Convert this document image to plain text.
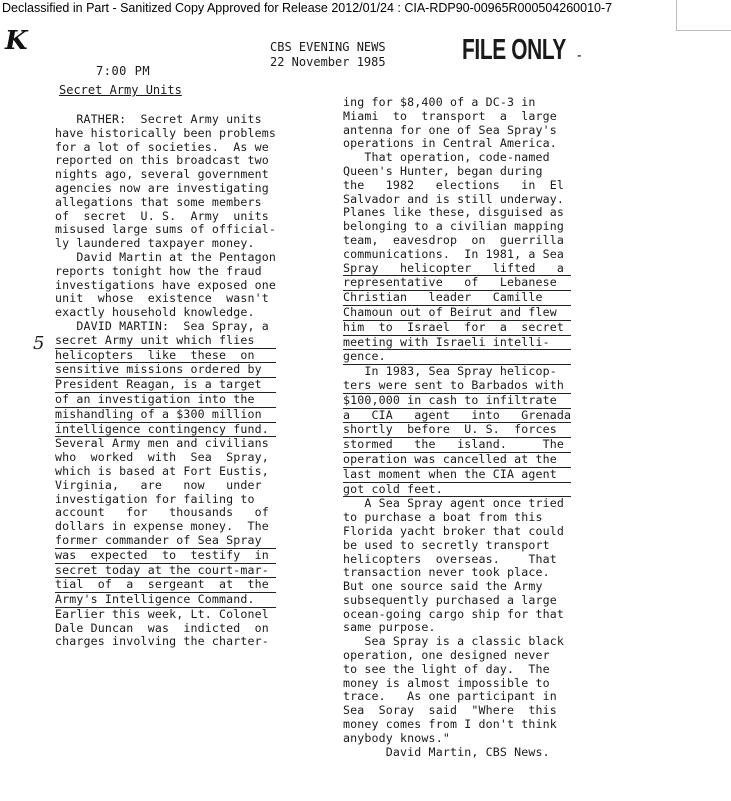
Declassified in Part - Sanitized Copy Approved for Release 2012/01/24 : CIA-RDP90-00965R000504260010-7
K
7:00 PM
CBS EVENING NEWS
22 November 1985	FILE ONLY -
Secret Army Units
5

RATHER:  Secret Army units

have historically been problems

for a lot of societies.  As we

reported on this broadcast two

nights ago, several government

agencies now are investigating

allegations that some members

of  secret  U. S.  Army  units

misused large sums of official-

ly laundered taxpayer money.

David Martin at the Pentagon

reports tonight how the fraud

investigations have exposed one

unit  whose  existence  wasn't

exactly household knowledge.

DAVID MARTIN:  Sea Spray, a

secret Army unit which flies

helicopters  like  these  on

sensitive missions ordered by

President Reagan, is a target

of an investigation into the

mishandling of a $300 million

intelligence contingency fund.

Several Army men and civilians

who  worked  with  Sea  Spray,

which is based at Fort Eustis,

Virginia,   are   now   under

investigation for failing to

account   for   thousands   of

dollars in expense money.  The

former commander of Sea Spray

was  expected  to  testify  in

secret today at the court-mar-

tial  of  a  sergeant  at  the

Army's Intelligence Command.

Earlier this week, Lt. Colonel

Dale Duncan  was  indicted  on

charges involving the charter-

ing for $8,400 of a DC-3 in

Miami  to  transport  a  large

antenna for one of Sea Spray's

operations in Central America.

That operation, code-named

Queen's Hunter, began during

the   1982   elections   in  El

Salvador and is still underway.

Planes like these, disguised as

belonging to a civilian mapping

team,  eavesdrop  on  guerrilla

communications.  In 1981, a Sea

Spray   helicopter   lifted   a

representative   of   Lebanese

Christian   leader   Camille

Chamoun out of Beirut and flew

him  to  Israel  for  a  secret

meeting with Israeli intelli-

gence.

In 1983, Sea Spray helicop-

ters were sent to Barbados with

$100,000 in cash to infiltrate

a   CIA   agent   into   Grenada

shortly  before  U. S.  forces

stormed   the   island.     The

operation was cancelled at the

last moment when the CIA agent

got cold feet.

A Sea Spray agent once tried

to purchase a boat from this

Florida yacht broker that could

be used to secretly transport

helicopters  overseas.    That

transaction never took place.

But one source said the Army

subsequently purchased a large

ocean-going cargo ship for that

same purpose.

Sea Spray is a classic black

operation, one designed never

to see the light of day.  The

money is almost impossible to

trace.   As one participant in

Sea  Soray  said  "Where  this

money comes from I don't think

anybody knows."

David Martin, CBS News.
